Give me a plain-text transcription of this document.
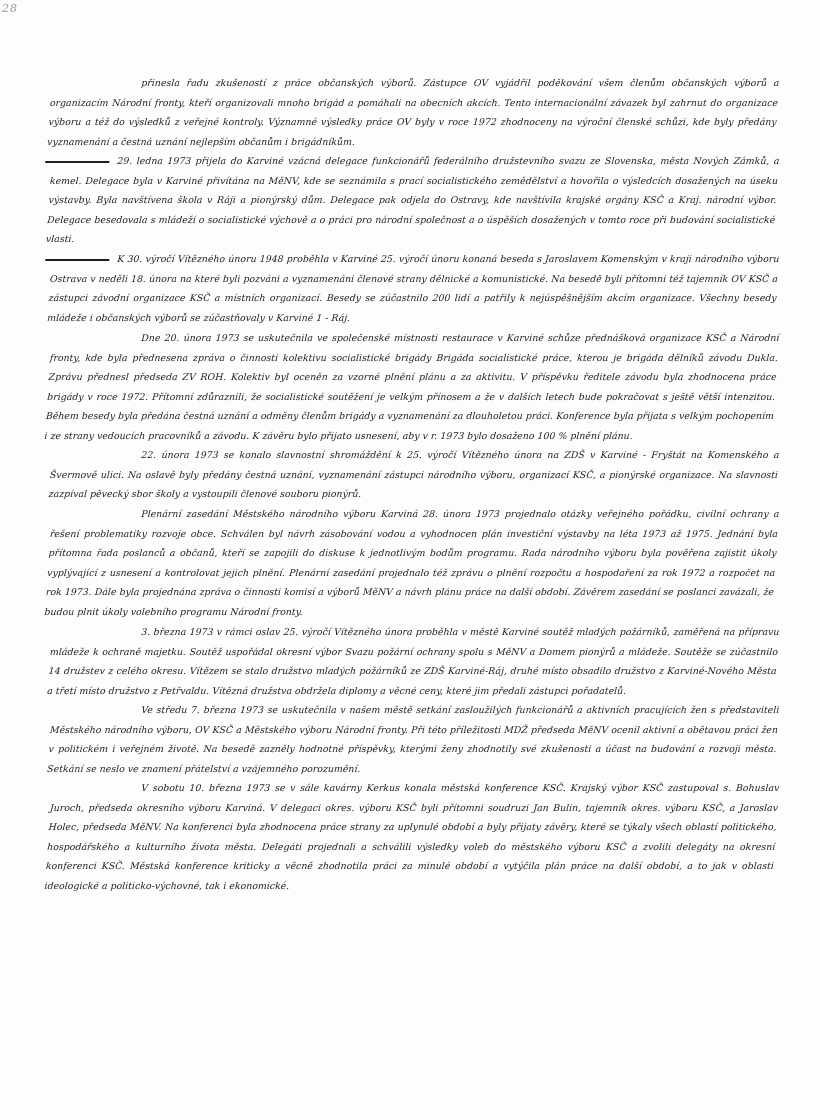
28

přinesla řadu zkušeností z práce občanských výborů. Zástupce OV vyjádřil poděkování všem členům občanských výborů a organizacím Národní fronty, kteří organizovali mnoho brigád a pomáhali na obecních akcích. Tento internacionální závazek byl zahrnut do organizace výboru a též do výsledků z veřejné kontroly. Významné výsledky práce OV byly v roce 1972 zhodnoceny na výroční členské schůzi, kde byly předány vyznamenání a čestná uznání nejlepším občanům i brigádníkům.

29. ledna 1973 přijela do Karviné vzácná delegace funkcionářů federálního družstevního svazu ze Slovenska, města Nových Zámků, a kemel. Delegace byla v Karviné přivítána na MěNV, kde se seznámila s prací socialistického zemědělství a hovořila o výsledcích dosažených na úseku výstavby. Byla navštívena škola v Ráji a pionýrský dům. Delegace pak odjela do Ostravy, kde navštívila krajské orgány KSČ a Kraj. národní výbor. Delegace besedovala s mládeží o socialistické výchově a o práci pro národní společnost a o úspěších dosažených v tomto roce při budování socialistické vlasti.

K 30. výročí Vítězného únoru 1948 proběhla v Karviné 25. výročí únoru konaná beseda s Jaroslavem Komenským v kraji národního výboru Ostrava v neděli 18. února na které byli pozváni a vyznamenáni členové strany dělnické a komunistické. Na besedě byli přítomni též tajemník OV KSČ a zástupci závodní organizace KSČ a místních organizací. Besedy se zúčastnilo 200 lidí a patřily k nejúspěšnějším akcím organizace. Všechny besedy mládeže i občanských výborů se zúčastňovaly v Karviné 1 - Ráj.

Dne 20. února 1973 se uskutečnila ve společenské místnosti restaurace v Karviné schůze přednášková organizace KSČ a Národní fronty, kde byla přednesena zpráva o činnosti kolektivu socialistické brigády Brigáda socialistické práce, kterou je brigáda dělníků závodu Dukla. Zprávu přednesl předseda ZV ROH. Kolektiv byl oceněn za vzorné plnění plánu a za aktivitu. V příspěvku ředitele závodu byla zhodnocena práce brigády v roce 1972. Přítomní zdůraznili, že socialistické soutěžení je velkým přínosem a že v dalších letech bude pokračovat s ještě větší intenzitou. Během besedy byla předána čestná uznání a odměny členům brigády a vyznamenání za dlouholetou práci. Konference byla přijata s velkým pochopením i ze strany vedoucích pracovníků a závodu. K závěru bylo přijato usnesení, aby v r. 1973 bylo dosaženo 100 % plnění plánu.

22. února 1973 se konalo slavnostní shromáždění k 25. výročí Vítězného února na ZDŠ v Karviné - Fryštát na Komenského a Švermově ulici. Na oslavě byly předány čestná uznání, vyznamenání zástupci národního výboru, organizací KSČ, a pionýrské organizace. Na slavnosti zazpíval pěvecký sbor školy a vystoupili členové souboru pionýrů.

Plenární zasedání Městského národního výboru Karviná 28. února 1973 projednalo otázky veřejného pořádku, civilní ochrany a řešení problematiky rozvoje obce. Schválen byl návrh zásobování vodou a vyhodnocen plán investiční výstavby na léta 1973 až 1975. Jednání byla přítomna řada poslanců a občanů, kteří se zapojili do diskuse k jednotlivým bodům programu. Rada národního výboru byla pověřena zajistit úkoly vyplývající z usnesení a kontrolovat jejich plnění. Plenární zasedání projednalo též zprávu o plnění rozpočtu a hospodaření za rok 1972 a rozpočet na rok 1973. Dále byla projednána zpráva o činnosti komisí a výborů MěNV a návrh plánu práce na další období. Závěrem zasedání se poslanci zavázali, že budou plnit úkoly volebního programu Národní fronty.

3. března 1973 v rámci oslav 25. výročí Vítězného února proběhla v městě Karviné soutěž mladých požárníků, zaměřená na přípravu mládeže k ochraně majetku. Soutěž uspořádal okresní výbor Svazu požární ochrany spolu s MěNV a Domem pionýrů a mládeže. Soutěže se zúčastnilo 14 družstev z celého okresu. Vítězem se stalo družstvo mladých požárníků ze ZDŠ Karviné-Ráj, druhé místo obsadilo družstvo z Karviné-Nového Města a třetí místo družstvo z Petřvaldu. Vítězná družstva obdržela diplomy a věcné ceny, které jim předali zástupci pořadatelů.

Ve středu 7. března 1973 se uskutečnila v našem městě setkání zasloužilých funkcionářů a aktivních pracujících žen s představiteli Městského národního výboru, OV KSČ a Městského výboru Národní fronty. Při této příležitosti MDŽ předseda MěNV ocenil aktivní a obětavou práci žen v politickém i veřejném životě. Na besedě zazněly hodnotné příspěvky, kterými ženy zhodnotily své zkušenosti a účast na budování a rozvoji města. Setkání se neslo ve znamení přátelství a vzájemného porozumění.

V sobotu 10. března 1973 se v sále kavárny Kerkus konala městská konference KSČ. Krajský výbor KSČ zastupoval s. Bohuslav Juroch, předseda okresního výboru Karviná. V delegaci okres. výboru KSČ byli přítomni soudruzi Jan Bulin, tajemník okres. výboru KSČ, a Jaroslav Holec, předseda MěNV. Na konferenci byla zhodnocena práce strany za uplynulé období a byly přijaty závěry, které se týkaly všech oblastí politického, hospodářského a kulturního života města. Delegáti projednali a schválili výsledky voleb do městského výboru KSČ a zvolili delegáty na okresní konferenci KSČ. Městská konference kriticky a věcně zhodnotila práci za minulé období a vytýčila plán práce na další období, a to jak v oblasti ideologické a politicko-výchovné, tak i ekonomické.
